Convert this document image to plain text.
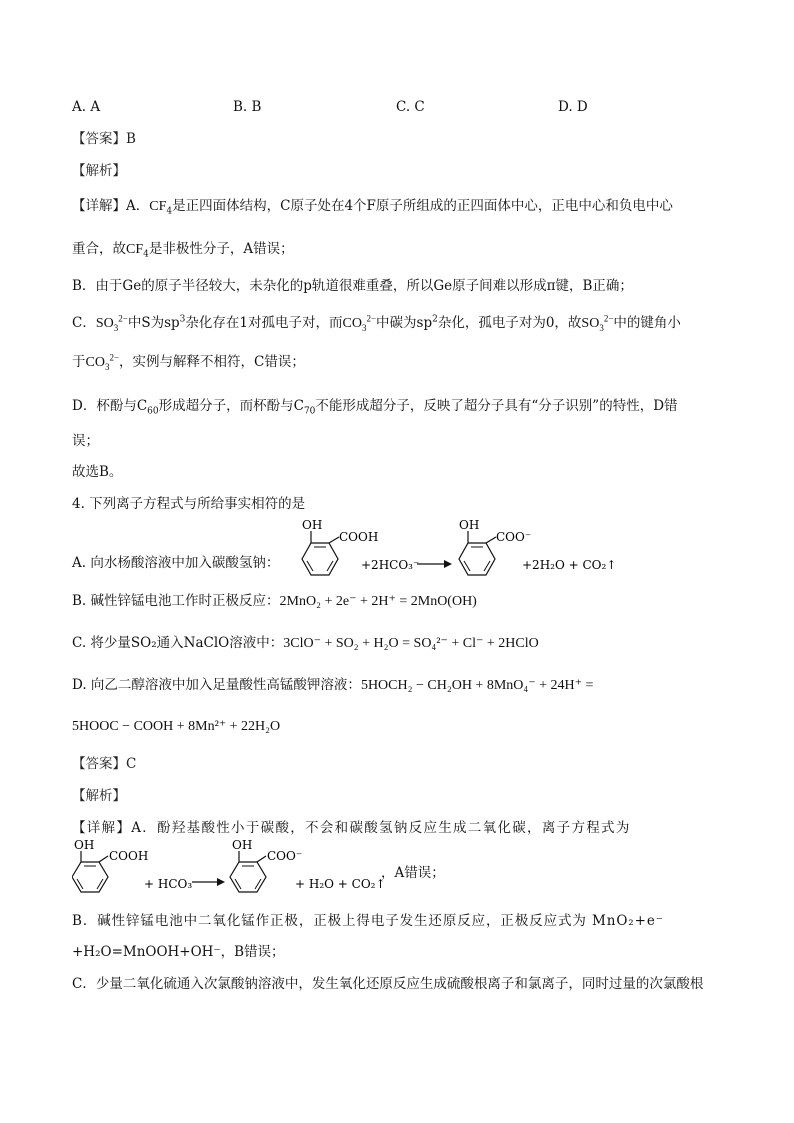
A. A	B. B	C. C	D. D
【答案】B
【解析】
【详解】A．$CF_4$是正四面体结构，C原子处在4个F原子所组成的正四面体中心，正电中心和负电中心
重合，故$CF_4$是非极性分子，A错误；
B．由于Ge的原子半径较大，未杂化的p轨道很难重叠，所以Ge原子间难以形成π键，B正确；
C．$SO_3^{2-}$中S为$sp^3$杂化存在1对孤电子对，而$CO_3^{2-}$中碳为$sp^2$杂化，孤电子对为0，故$SO_3^{2-}$中的键角小
于$CO_3^{2-}$，实例与解释不相符，C错误；
D．杯酚与$C_{60}$形成超分子，而杯酚与$C_{70}$不能形成超分子，反映了超分子具有“分子识别”的特性，D错
误；
故选B。
4. 下列离子方程式与所给事实相符的是
A. 向水杨酸溶液中加入碳酸氢钠：
OH
COOH
+2HCO₃⁻
OH
COO⁻
+2H₂O + CO₂↑
B. 碱性锌锰电池工作时正极反应：2MnO₂ + 2e⁻ + 2H⁺ = 2MnO(OH)
C. 将少量SO₂通入NaClO溶液中：3ClO⁻ + SO₂ + H₂O = SO₄²⁻ + Cl⁻ + 2HClO
D. 向乙二醇溶液中加入足量酸性高锰酸钾溶液：5HOCH₂ − CH₂OH + 8MnO₄⁻ + 24H⁺ =
5HOOC − COOH + 8Mn²⁺ + 22H₂O
【答案】C
【解析】
【详解】A．酚羟基酸性小于碳酸，不会和碳酸氢钠反应生成二氧化碳，离子方程式为
OH
COOH
+ HCO₃⁻
OH
COO⁻
+ H₂O + CO₂↑
，A错误；
B．碱性锌锰电池中二氧化锰作正极，正极上得电子发生还原反应，正极反应式为 MnO₂+e⁻
+H₂O=MnOOH+OH⁻，B错误；
C．少量二氧化硫通入次氯酸钠溶液中，发生氧化还原反应生成硫酸根离子和氯离子，同时过量的次氯酸根
